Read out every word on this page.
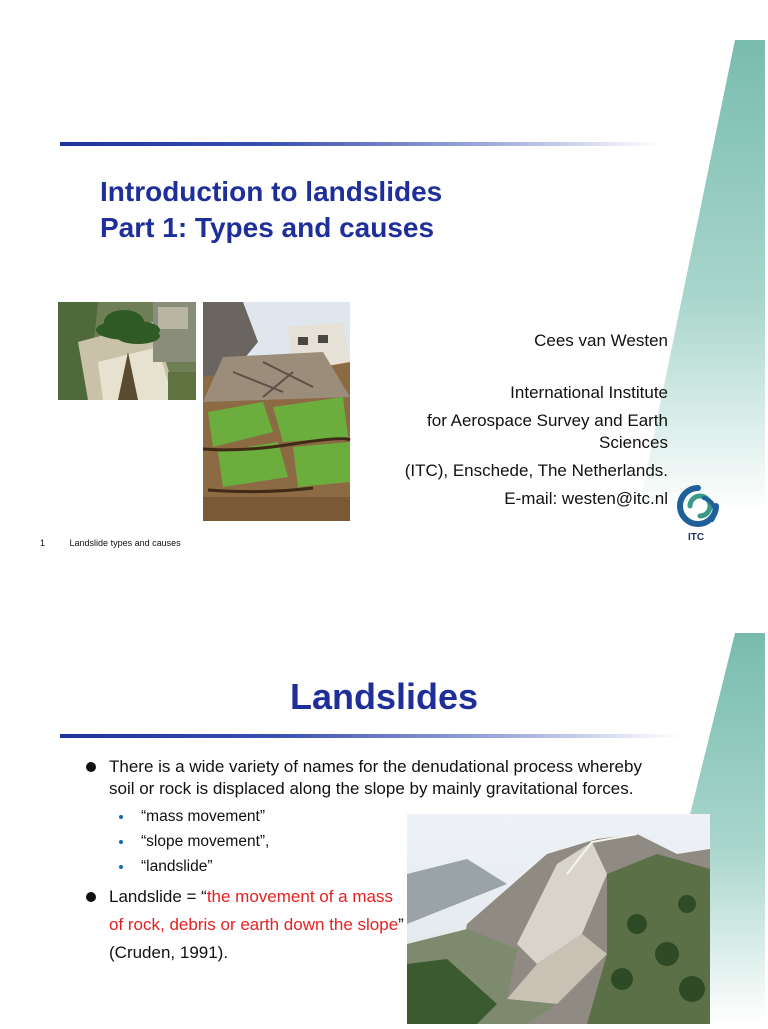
Introduction to landslides
Part 1: Types and causes
Cees van Westen
International Institute
for Aerospace Survey and Earth
Sciences
(ITC), Enschede, The Netherlands.
E-mail: westen@itc.nl
ITC
1	Landslide types and causes
Landslides
There is a wide variety of names for the denudational process whereby soil or rock is displaced along the slope by mainly gravitational forces.
“mass movement”
“slope movement”,
“landslide”
Landslide = “the movement of a mass of rock, debris or earth down the slope” (Cruden, 1991).
